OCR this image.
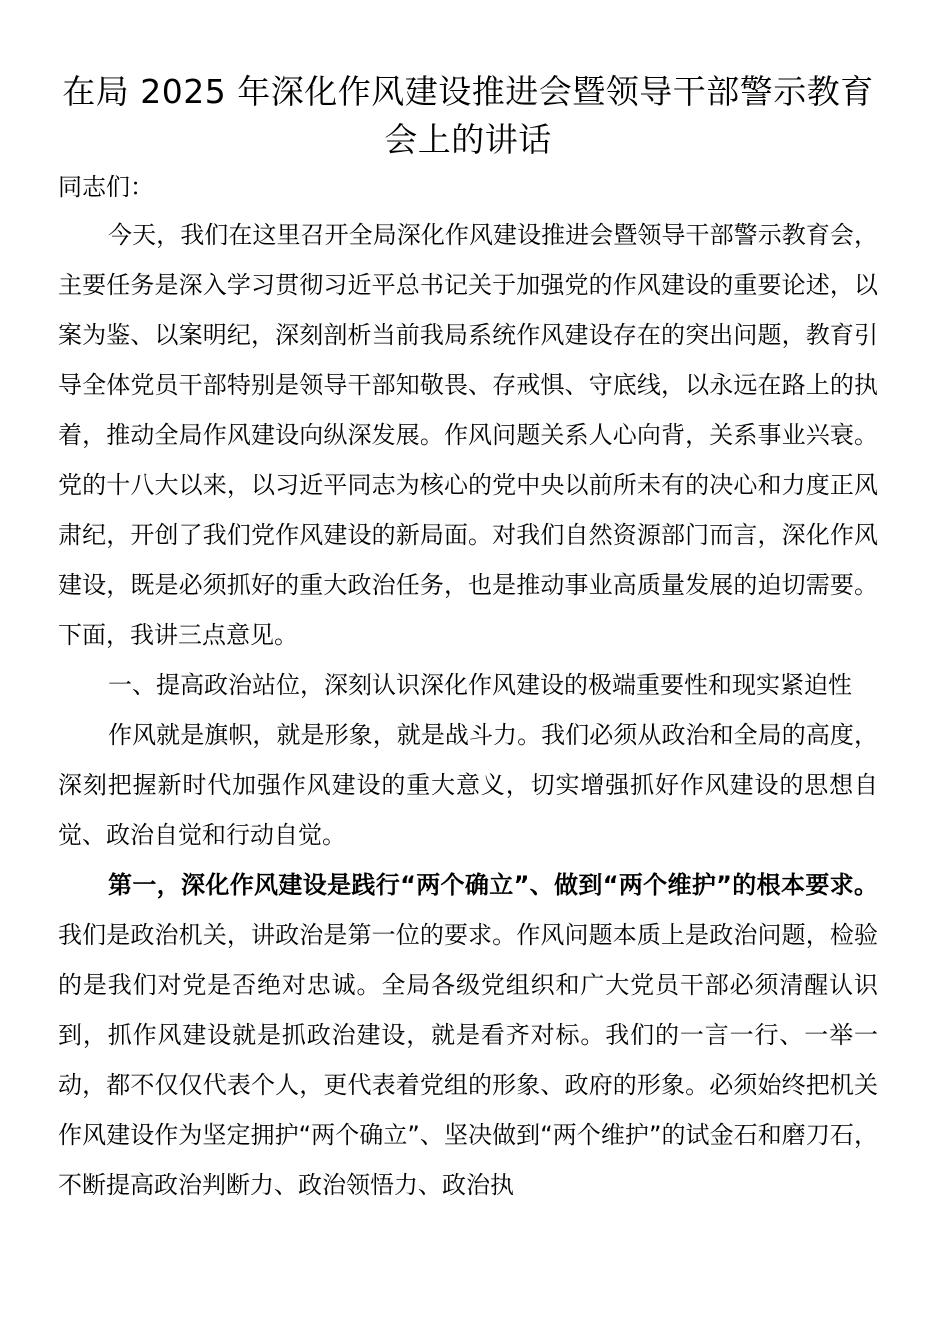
在局 2025 年深化作风建设推进会暨领导干部警示教育会上的讲话

同志们：

今天，我们在这里召开全局深化作风建设推进会暨领导干部警示教育会，主要任务是深入学习贯彻习近平总书记关于加强党的作风建设的重要论述，以案为鉴、以案明纪，深刻剖析当前我局系统作风建设存在的突出问题，教育引导全体党员干部特别是领导干部知敬畏、存戒惧、守底线，以永远在路上的执着，推动全局作风建设向纵深发展。作风问题关系人心向背，关系事业兴衰。党的十八大以来，以习近平同志为核心的党中央以前所未有的决心和力度正风肃纪，开创了我们党作风建设的新局面。对我们自然资源部门而言，深化作风建设，既是必须抓好的重大政治任务，也是推动事业高质量发展的迫切需要。下面，我讲三点意见。

一、提高政治站位，深刻认识深化作风建设的极端重要性和现实紧迫性

作风就是旗帜，就是形象，就是战斗力。我们必须从政治和全局的高度，深刻把握新时代加强作风建设的重大意义，切实增强抓好作风建设的思想自觉、政治自觉和行动自觉。

第一，深化作风建设是践行“两个确立”、做到“两个维护”的根本要求。我们是政治机关，讲政治是第一位的要求。作风问题本质上是政治问题，检验的是我们对党是否绝对忠诚。全局各级党组织和广大党员干部必须清醒认识到，抓作风建设就是抓政治建设，就是看齐对标。我们的一言一行、一举一动，都不仅仅代表个人，更代表着党组的形象、政府的形象。必须始终把机关作风建设作为坚定拥护“两个确立”、坚决做到“两个维护”的试金石和磨刀石，不断提高政治判断力、政治领悟力、政治执
